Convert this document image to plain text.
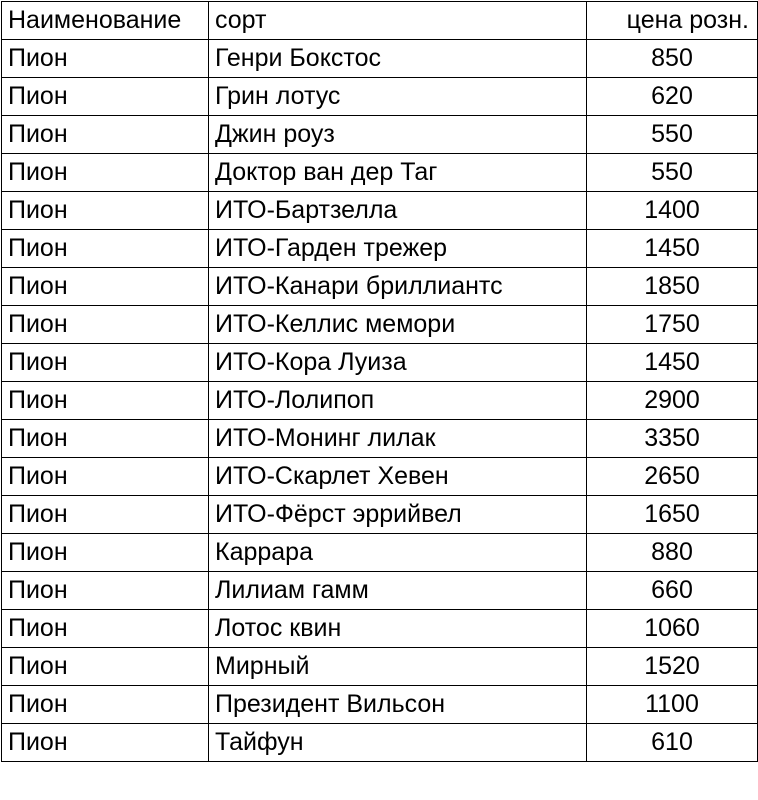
Наименование	сорт	цена розн.
Пион	Генри Бокстос	850
Пион	Грин лотус	620
Пион	Джин роуз	550
Пион	Доктор ван дер Таг	550
Пион	ИТО-Бартзелла	1400
Пион	ИТО-Гарден трежер	1450
Пион	ИТО-Канари бриллиантс	1850
Пион	ИТО-Келлис мемори	1750
Пион	ИТО-Кора Луиза	1450
Пион	ИТО-Лолипоп	2900
Пион	ИТО-Монинг лилак	3350
Пион	ИТО-Скарлет Хевен	2650
Пион	ИТО-Фёрст эррийвел	1650
Пион	Каррара	880
Пион	Лилиам гамм	660
Пион	Лотос квин	1060
Пион	Мирный	1520
Пион	Президент Вильсон	1100
Пион	Тайфун	610
